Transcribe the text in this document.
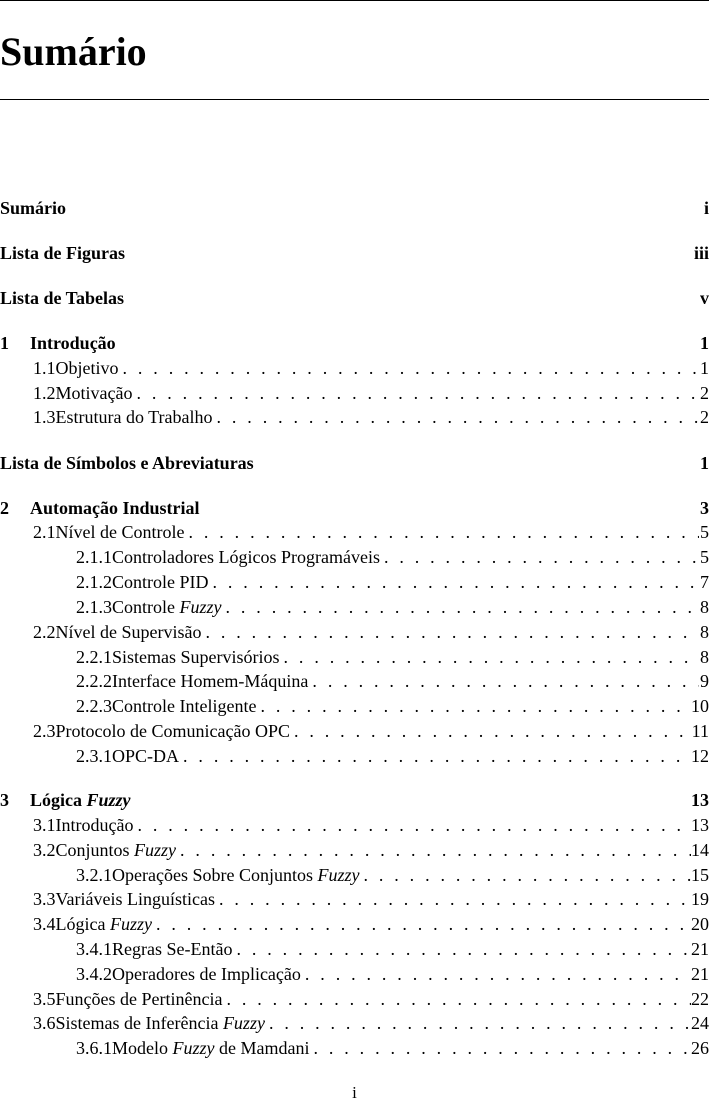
Sumário
Sumário	i
Lista de Figuras	iii
Lista de Tabelas	v
1	Introdução	1
1.1 Objetivo . . .	1
1.2 Motivação . . .	2
1.3 Estrutura do Trabalho . . .	2
Lista de Símbolos e Abreviaturas	1
2	Automação Industrial	3
2.1 Nível de Controle . . .	5
2.1.1 Controladores Lógicos Programáveis . . .	5
2.1.2 Controle PID . . .	7
2.1.3 Controle Fuzzy . . .	8
2.2 Nível de Supervisão . . .	8
2.2.1 Sistemas Supervisórios . . .	8
2.2.2 Interface Homem-Máquina . . .	9
2.2.3 Controle Inteligente . . .	10
2.3 Protocolo de Comunicação OPC . . .	11
2.3.1 OPC-DA . . .	12
3	Lógica Fuzzy	13
3.1 Introdução . . .	13
3.2 Conjuntos Fuzzy . . .	14
3.2.1 Operações Sobre Conjuntos Fuzzy . . .	15
3.3 Variáveis Linguísticas . . .	19
3.4 Lógica Fuzzy . . .	20
3.4.1 Regras Se-Então . . .	21
3.4.2 Operadores de Implicação . . .	21
3.5 Funções de Pertinência . . .	22
3.6 Sistemas de Inferência Fuzzy . . .	24
3.6.1 Modelo Fuzzy de Mamdani . . .	26
i
